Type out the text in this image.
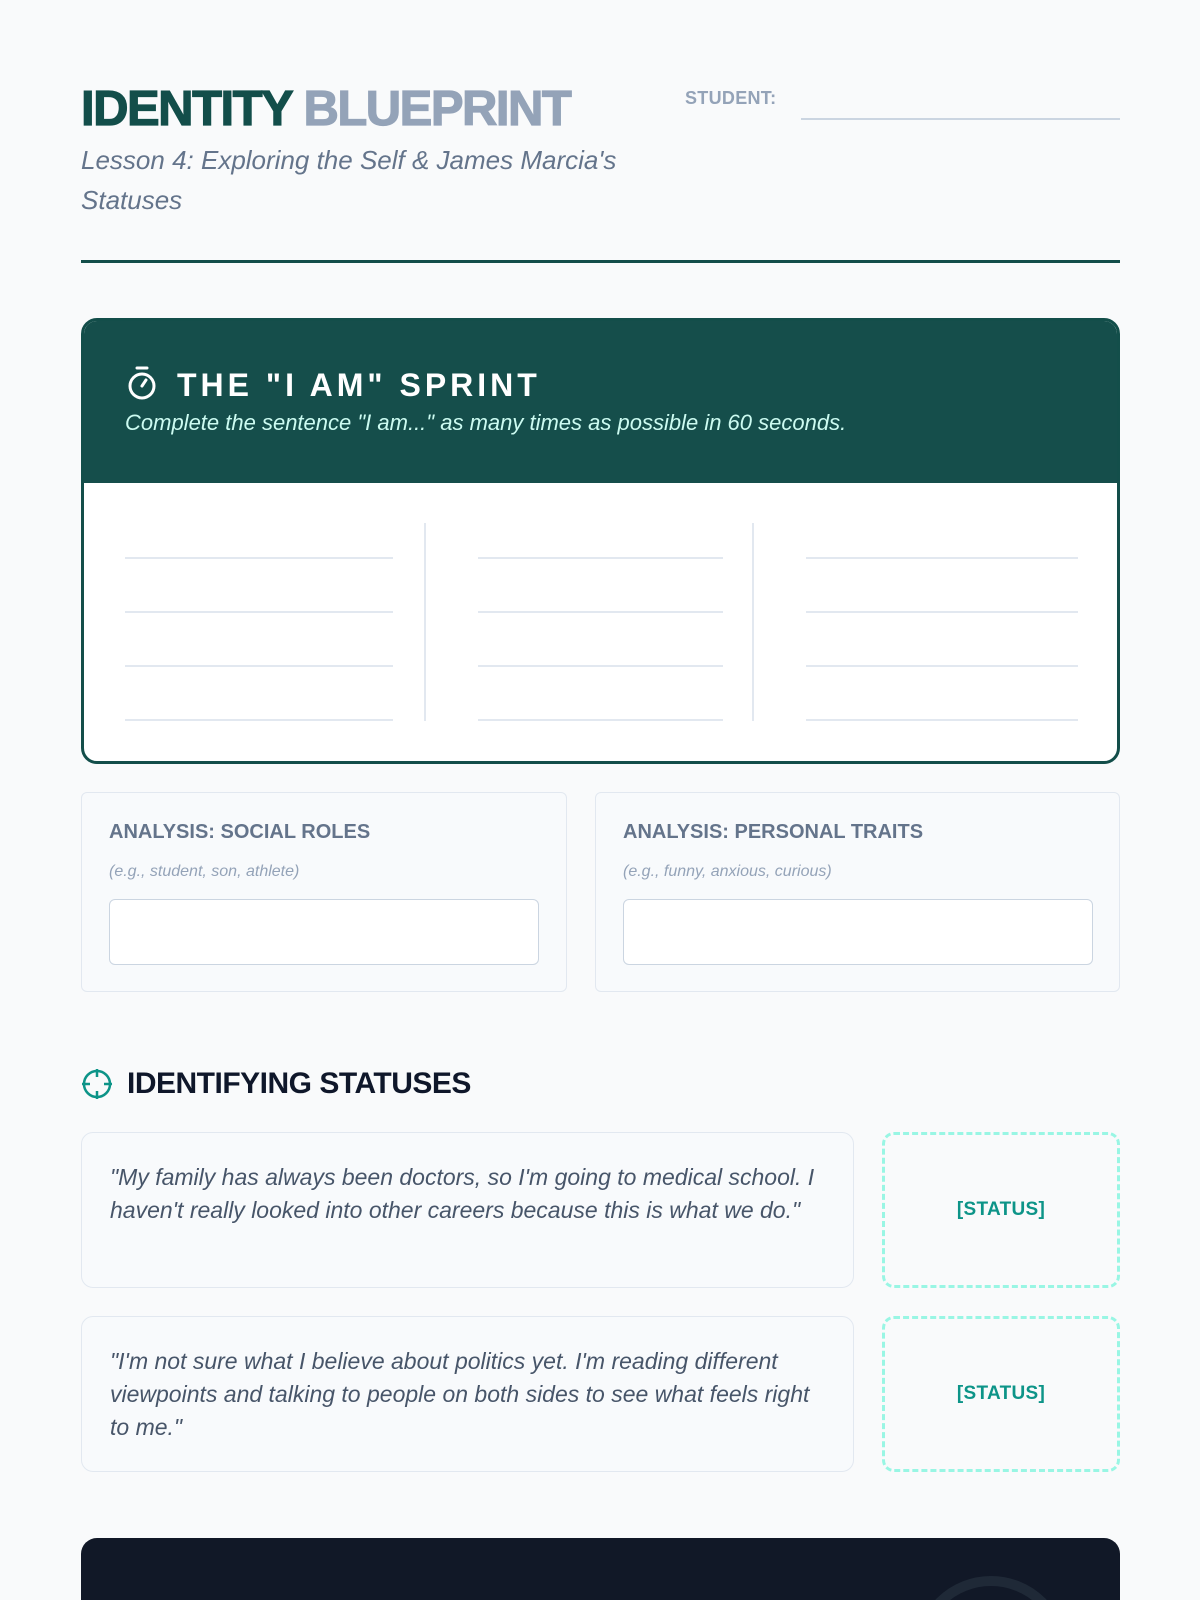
IDENTITY BLUEPRINT
Lesson 4: Exploring the Self & James Marcia's Statuses
STUDENT:
THE "I AM" SPRINT
Complete the sentence "I am..." as many times as possible in 60 seconds.
ANALYSIS: SOCIAL ROLES
(e.g., student, son, athlete)
ANALYSIS: PERSONAL TRAITS
(e.g., funny, anxious, curious)
IDENTIFYING STATUSES

"My family has always been doctors, so I'm going to medical school. I haven't really looked into other careers because this is what we do."	[STATUS]

"I'm not sure what I believe about politics yet. I'm reading different viewpoints and talking to people on both sides to see what feels right to me."

[STATUS]
